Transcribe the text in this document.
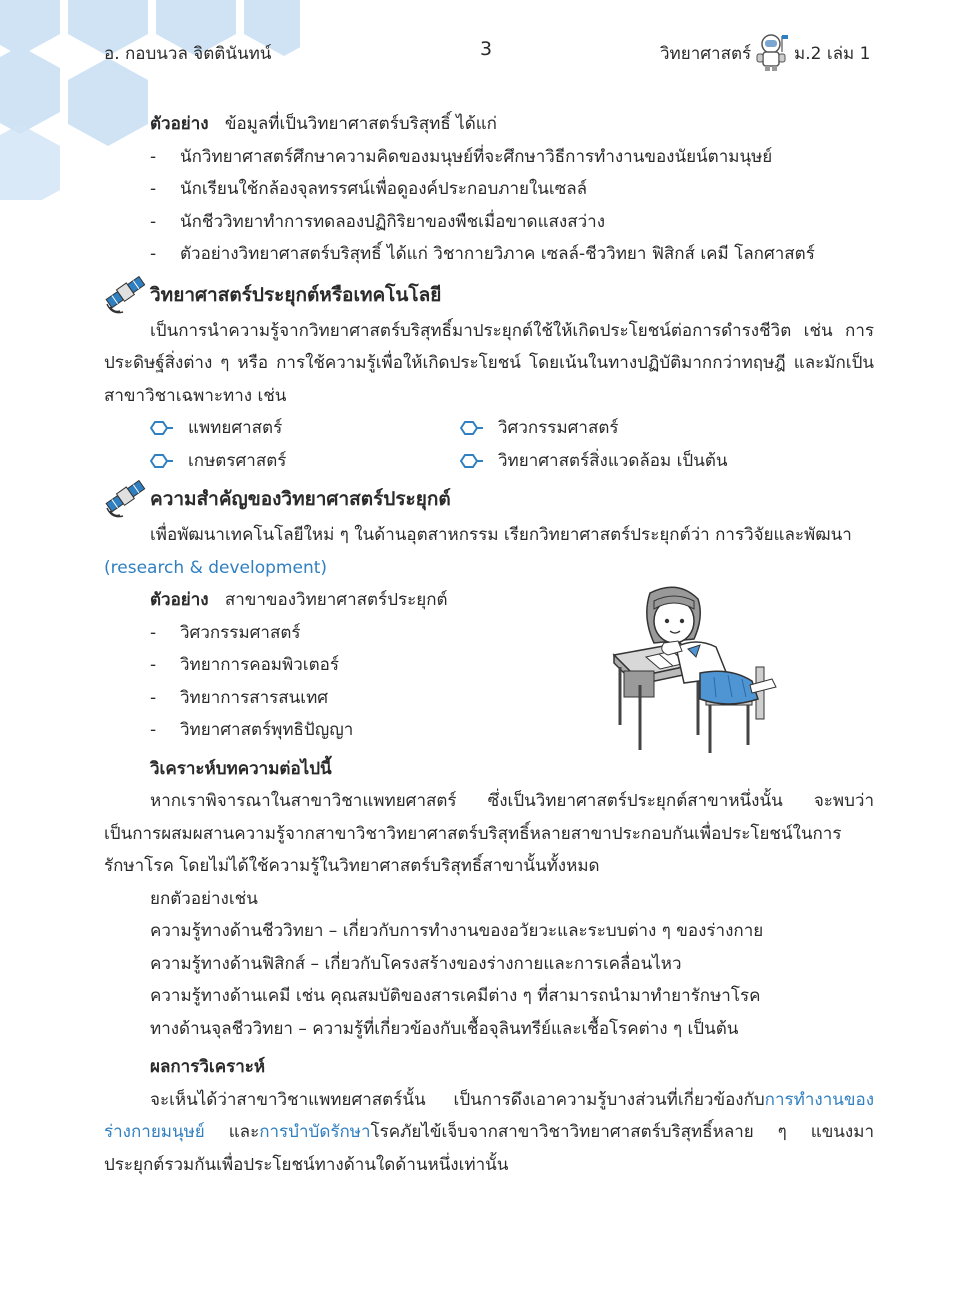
อ. กอบนวล จิตตินันทน์	3	วิทยาศาสตร์	ม.2 เล่ม 1

ตัวอย่าง ข้อมูลที่เป็นวิทยาศาสตร์บริสุทธิ์ ได้แก่

- นักวิทยาศาสตร์ศึกษาความคิดของมนุษย์ที่จะศึกษาวิธีการทำงานของนัยน์ตามนุษย์

- นักเรียนใช้กล้องจุลทรรศน์เพื่อดูองค์ประกอบภายในเซลล์

- นักชีววิทยาทำการทดลองปฏิกิริยาของพืชเมื่อขาดแสงสว่าง

- ตัวอย่างวิทยาศาสตร์บริสุทธิ์ ได้แก่ วิชากายวิภาค เซลล์-ชีววิทยา ฟิสิกส์ เคมี โลกศาสตร์

วิทยาศาสตร์ประยุกต์หรือเทคโนโลยี

เป็นการนำความรู้จากวิทยาศาสตร์บริสุทธิ์มาประยุกต์ใช้ให้เกิดประโยชน์ต่อการดำรงชีวิต เช่น การประดิษฐ์สิ่งต่าง ๆ หรือ การใช้ความรู้เพื่อให้เกิดประโยชน์ โดยเน้นในทางปฏิบัติมากกว่าทฤษฎี และมักเป็นสาขาวิชาเฉพาะทาง เช่น

แพทยศาสตร์
เกษตรศาสตร์
วิศวกรรมศาสตร์
วิทยาศาสตร์สิ่งแวดล้อม เป็นต้น
ความสำคัญของวิทยาศาสตร์ประยุกต์

เพื่อพัฒนาเทคโนโลยีใหม่ ๆ ในด้านอุตสาหกรรม เรียกวิทยาศาสตร์ประยุกต์ว่า การวิจัยและพัฒนา

(research & development)

ตัวอย่าง สาขาของวิทยาศาสตร์ประยุกต์

- วิศวกรรมศาสตร์

- วิทยาการคอมพิวเตอร์

- วิทยาการสารสนเทศ

- วิทยาศาสตร์พุทธิปัญญา

วิเคราะห์บทความต่อไปนี้

หากเราพิจารณาในสาขาวิชาแพทยศาสตร์ ซึ่งเป็นวิทยาศาสตร์ประยุกต์สาขาหนึ่งนั้น จะพบว่าเป็นการผสมผสานความรู้จากสาขาวิชาวิทยาศาสตร์บริสุทธิ์หลายสาขาประกอบกันเพื่อประโยชน์ในการรักษาโรค โดยไม่ได้ใช้ความรู้ในวิทยาศาสตร์บริสุทธิ์สาขานั้นทั้งหมด

ยกตัวอย่างเช่น

ความรู้ทางด้านชีววิทยา – เกี่ยวกับการทำงานของอวัยวะและระบบต่าง ๆ ของร่างกาย

ความรู้ทางด้านฟิสิกส์ – เกี่ยวกับโครงสร้างของร่างกายและการเคลื่อนไหว

ความรู้ทางด้านเคมี เช่น คุณสมบัติของสารเคมีต่าง ๆ ที่สามารถนำมาทำยารักษาโรค

ทางด้านจุลชีววิทยา – ความรู้ที่เกี่ยวข้องกับเชื้อจุลินทรีย์และเชื้อโรคต่าง ๆ เป็นต้น

ผลการวิเคราะห์

จะเห็นได้ว่าสาขาวิชาแพทยศาสตร์นั้น เป็นการดึงเอาความรู้บางส่วนที่เกี่ยวข้องกับการทำงานของร่างกายมนุษย์ และการบำบัดรักษาโรคภัยไข้เจ็บจากสาขาวิชาวิทยาศาสตร์บริสุทธิ์หลาย ๆ แขนงมาประยุกต์รวมกันเพื่อประโยชน์ทางด้านใดด้านหนึ่งเท่านั้น
